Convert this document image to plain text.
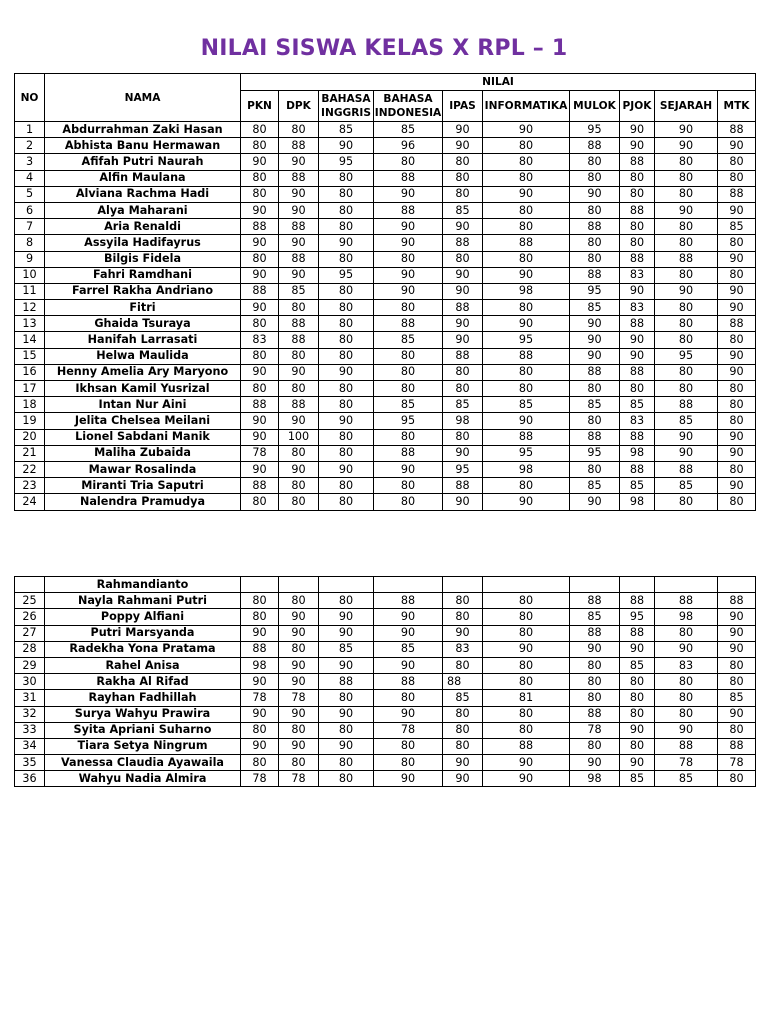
NILAI SISWA KELAS X RPL – 1
NO	NAMA	NILAI									
		PKN	DPK	BAHASA INGGRIS	BAHASA INDONESIA	IPAS	INFORMATIKA	MULOK	PJOK	SEJARAH	MTK
1	Abdurrahman Zaki Hasan	80	80	85	85	90	90	95	90	90	88
2	Abhista Banu Hermawan	80	88	90	96	90	80	88	90	90	90
3	Afifah Putri Naurah	90	90	95	80	80	80	80	88	80	80
4	Alfin Maulana	80	88	80	88	80	80	80	80	80	80
5	Alviana Rachma Hadi	80	90	80	90	80	90	90	80	80	88
6	Alya Maharani	90	90	80	88	85	80	80	88	90	90
7	Aria Renaldi	88	88	80	90	90	80	88	80	80	85
8	Assyila Hadifayrus	90	90	90	90	88	88	80	80	80	80
9	Bilgis Fidela	80	88	80	80	80	80	80	88	88	90
10	Fahri Ramdhani	90	90	95	90	90	90	88	83	80	80
11	Farrel Rakha Andriano	88	85	80	90	90	98	95	90	90	90
12	Fitri	90	80	80	80	88	80	85	83	80	90
13	Ghaida Tsuraya	80	88	80	88	90	90	90	88	80	88
14	Hanifah Larrasati	83	88	80	85	90	95	90	90	80	80
15	Helwa Maulida	80	80	80	80	88	88	90	90	95	90
16	Henny Amelia Ary Maryono	90	90	90	80	80	80	88	88	80	90
17	Ikhsan Kamil Yusrizal	80	80	80	80	80	80	80	80	80	80
18	Intan Nur Aini	88	88	80	85	85	85	85	85	88	80
19	Jelita Chelsea Meilani	90	90	90	95	98	90	80	83	85	80
20	Lionel Sabdani Manik	90	100	80	80	80	88	88	88	90	90
21	Maliha Zubaida	78	80	80	88	90	95	95	98	90	90
22	Mawar Rosalinda	90	90	90	90	95	98	80	88	88	80
23	Miranti Tria Saputri	88	80	80	80	88	80	85	85	85	90
24	Nalendra Pramudya	80	80	80	80	90	90	90	98	80	80
	Rahmandianto										
25	Nayla Rahmani Putri	80	80	80	88	80	80	88	88	88	88
26	Poppy Alfiani	80	90	90	90	80	80	85	95	98	90
27	Putri Marsyanda	90	90	90	90	90	80	88	88	80	90
28	Radekha Yona Pratama	88	80	85	85	83	90	90	90	90	90
29	Rahel Anisa	98	90	90	90	80	80	80	85	83	80
30	Rakha Al Rifad	90	90	88	88	88	80	80	80	80	80
31	Rayhan Fadhillah	78	78	80	80	85	81	80	80	80	85
32	Surya Wahyu Prawira	90	90	90	90	80	80	88	80	80	90
33	Syita Apriani Suharno	80	80	80	78	80	80	78	90	90	80
34	Tiara Setya Ningrum	90	90	90	80	80	88	80	80	88	88
35	Vanessa Claudia Ayawaila	80	80	80	80	90	90	90	90	78	78
36	Wahyu Nadia Almira	78	78	80	90	90	90	98	85	85	80
